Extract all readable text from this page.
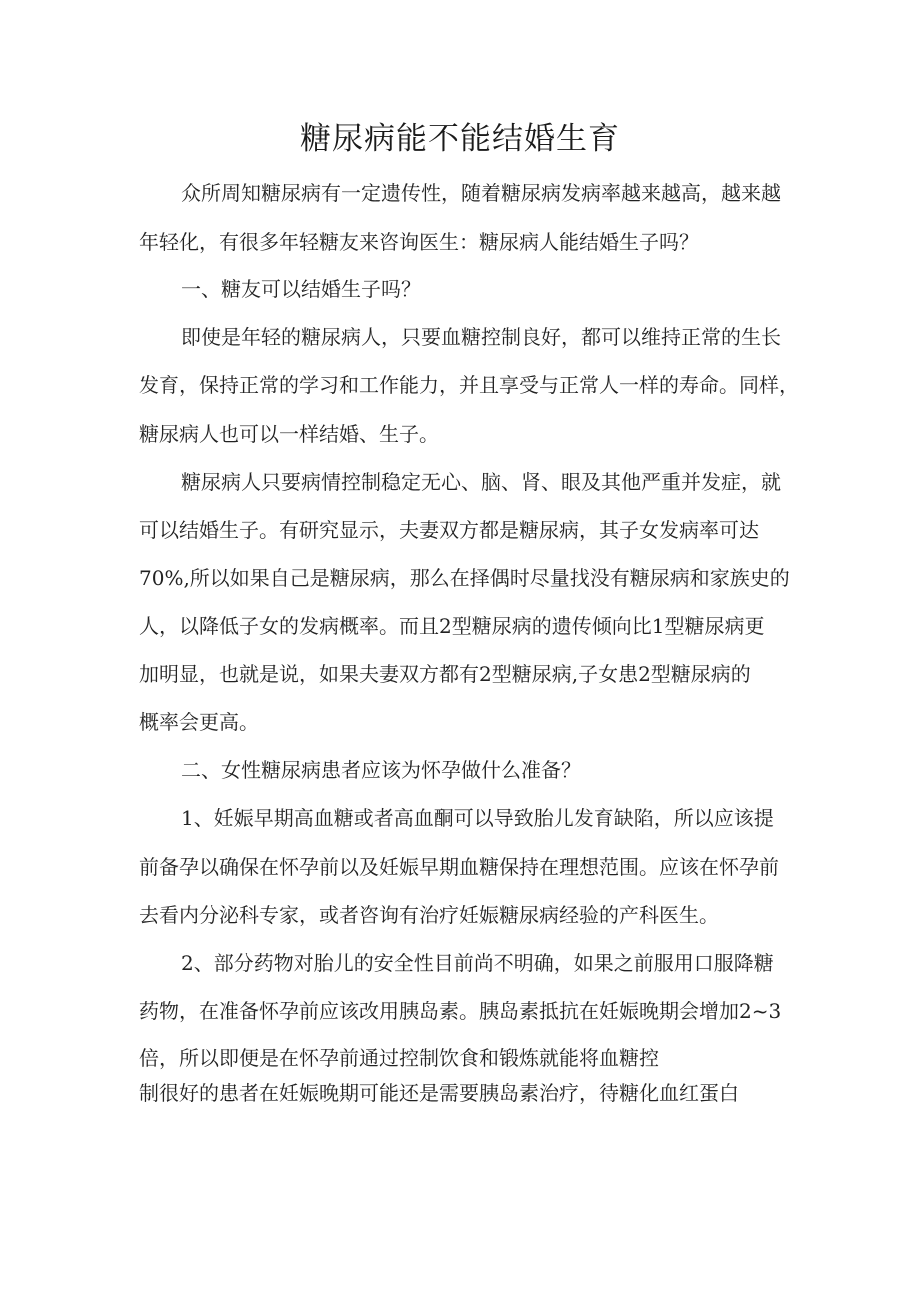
糖尿病能不能结婚生育

众所周知糖尿病有一定遗传性，随着糖尿病发病率越来越高，越来越

年轻化，有很多年轻糖友来咨询医生：糖尿病人能结婚生子吗？

一、糖友可以结婚生子吗？

即使是年轻的糖尿病人，只要血糖控制良好，都可以维持正常的生长

发育，保持正常的学习和工作能力，并且享受与正常人一样的寿命。同样，

糖尿病人也可以一样结婚、生子。

糖尿病人只要病情控制稳定无心、脑、肾、眼及其他严重并发症，就

可以结婚生子。有研究显示，夫妻双方都是糖尿病，其子女发病率可达

70%,所以如果自己是糖尿病，那么在择偶时尽量找没有糖尿病和家族史的

人，以降低子女的发病概率。而且2型糖尿病的遗传倾向比1型糖尿病更

加明显，也就是说，如果夫妻双方都有2型糖尿病,子女患2型糖尿病的

概率会更高。

二、女性糖尿病患者应该为怀孕做什么准备？

1、妊娠早期高血糖或者高血酮可以导致胎儿发育缺陷，所以应该提

前备孕以确保在怀孕前以及妊娠早期血糖保持在理想范围。应该在怀孕前

去看内分泌科专家，或者咨询有治疗妊娠糖尿病经验的产科医生。

2、部分药物对胎儿的安全性目前尚不明确，如果之前服用口服降糖

药物，在准备怀孕前应该改用胰岛素。胰岛素抵抗在妊娠晚期会增加2~3

倍，所以即便是在怀孕前通过控制饮食和锻炼就能将血糖控

制很好的患者在妊娠晚期可能还是需要胰岛素治疗，待糖化血红蛋白
